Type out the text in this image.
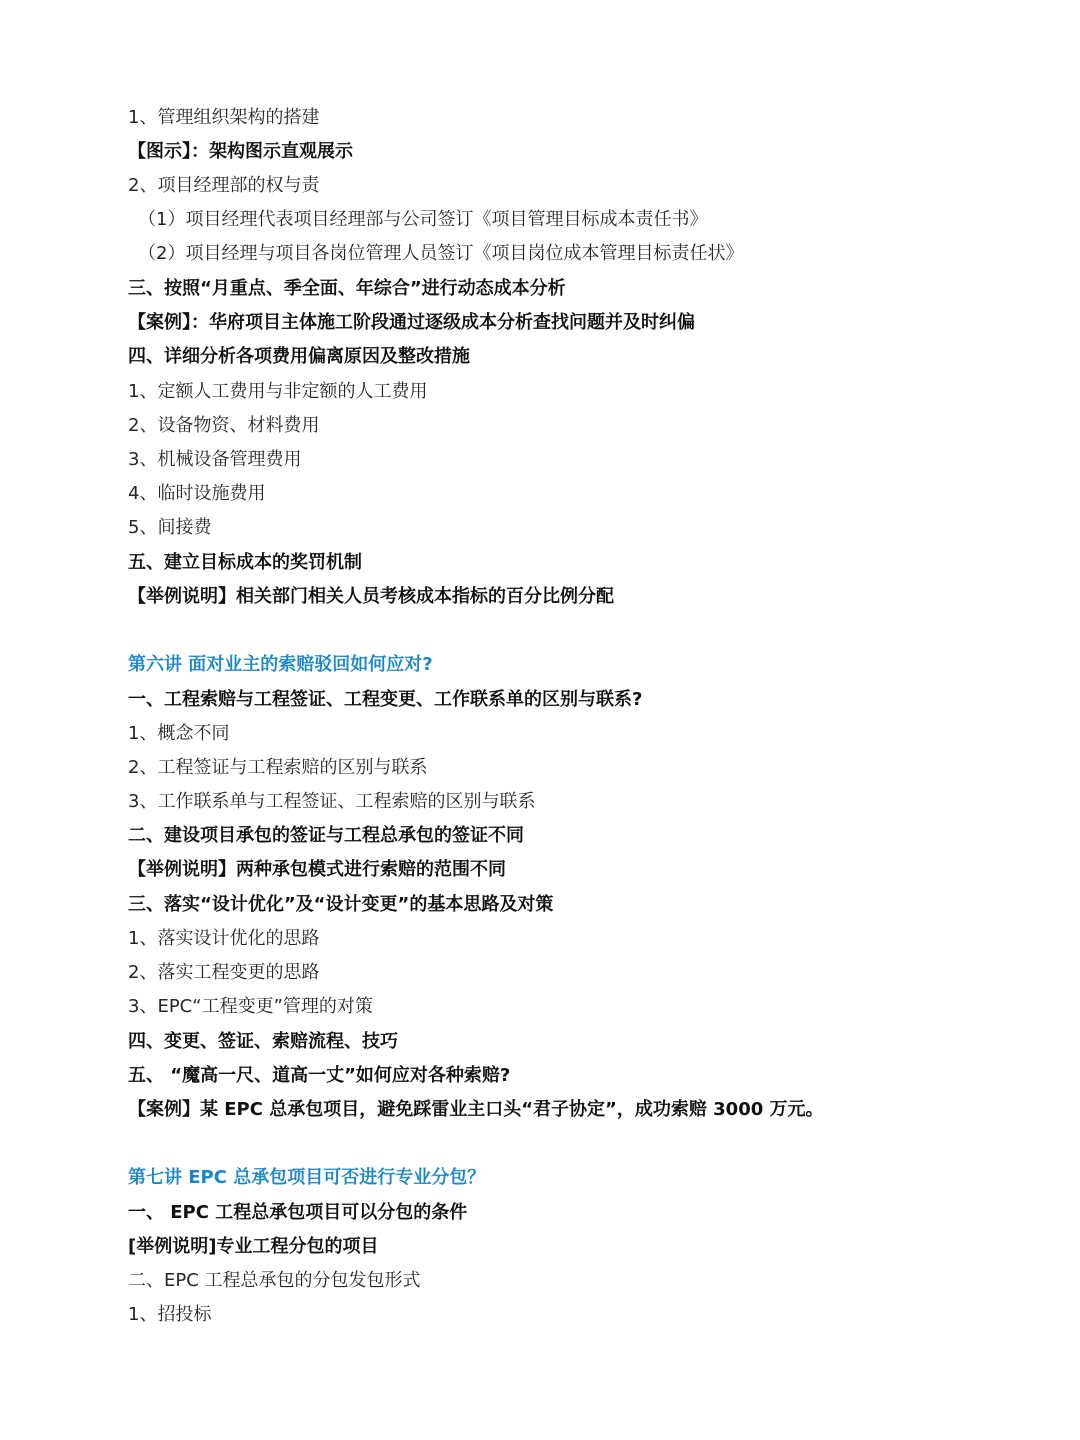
1、管理组织架构的搭建
【图示】：架构图示直观展示
2、项目经理部的权与责
（1）项目经理代表项目经理部与公司签订《项目管理目标成本责任书》
（2）项目经理与项目各岗位管理人员签订《项目岗位成本管理目标责任状》
三、按照“月重点、季全面、年综合”进行动态成本分析
【案例】：华府项目主体施工阶段通过逐级成本分析查找问题并及时纠偏
四、详细分析各项费用偏离原因及整改措施
1、定额人工费用与非定额的人工费用
2、设备物资、材料费用
3、机械设备管理费用
4、临时设施费用
5、间接费
五、建立目标成本的奖罚机制
【举例说明】相关部门相关人员考核成本指标的百分比例分配
第六讲 面对业主的索赔驳回如何应对?
一、工程索赔与工程签证、工程变更、工作联系单的区别与联系?
1、概念不同
2、工程签证与工程索赔的区别与联系
3、工作联系单与工程签证、工程索赔的区别与联系
二、建设项目承包的签证与工程总承包的签证不同
【举例说明】两种承包模式进行索赔的范围不同
三、落实“设计优化”及“设计变更”的基本思路及对策
1、落实设计优化的思路
2、落实工程变更的思路
3、EPC“工程变更”管理的对策
四、变更、签证、索赔流程、技巧
五、 “魔高一尺、道高一丈”如何应对各种索赔?
【案例】某 EPC 总承包项目，避免踩雷业主口头“君子协定”，成功索赔 3000 万元。
第七讲 EPC 总承包项目可否进行专业分包？
一、 EPC 工程总承包项目可以分包的条件
[举例说明]专业工程分包的项目
二、EPC 工程总承包的分包发包形式
1、招投标
